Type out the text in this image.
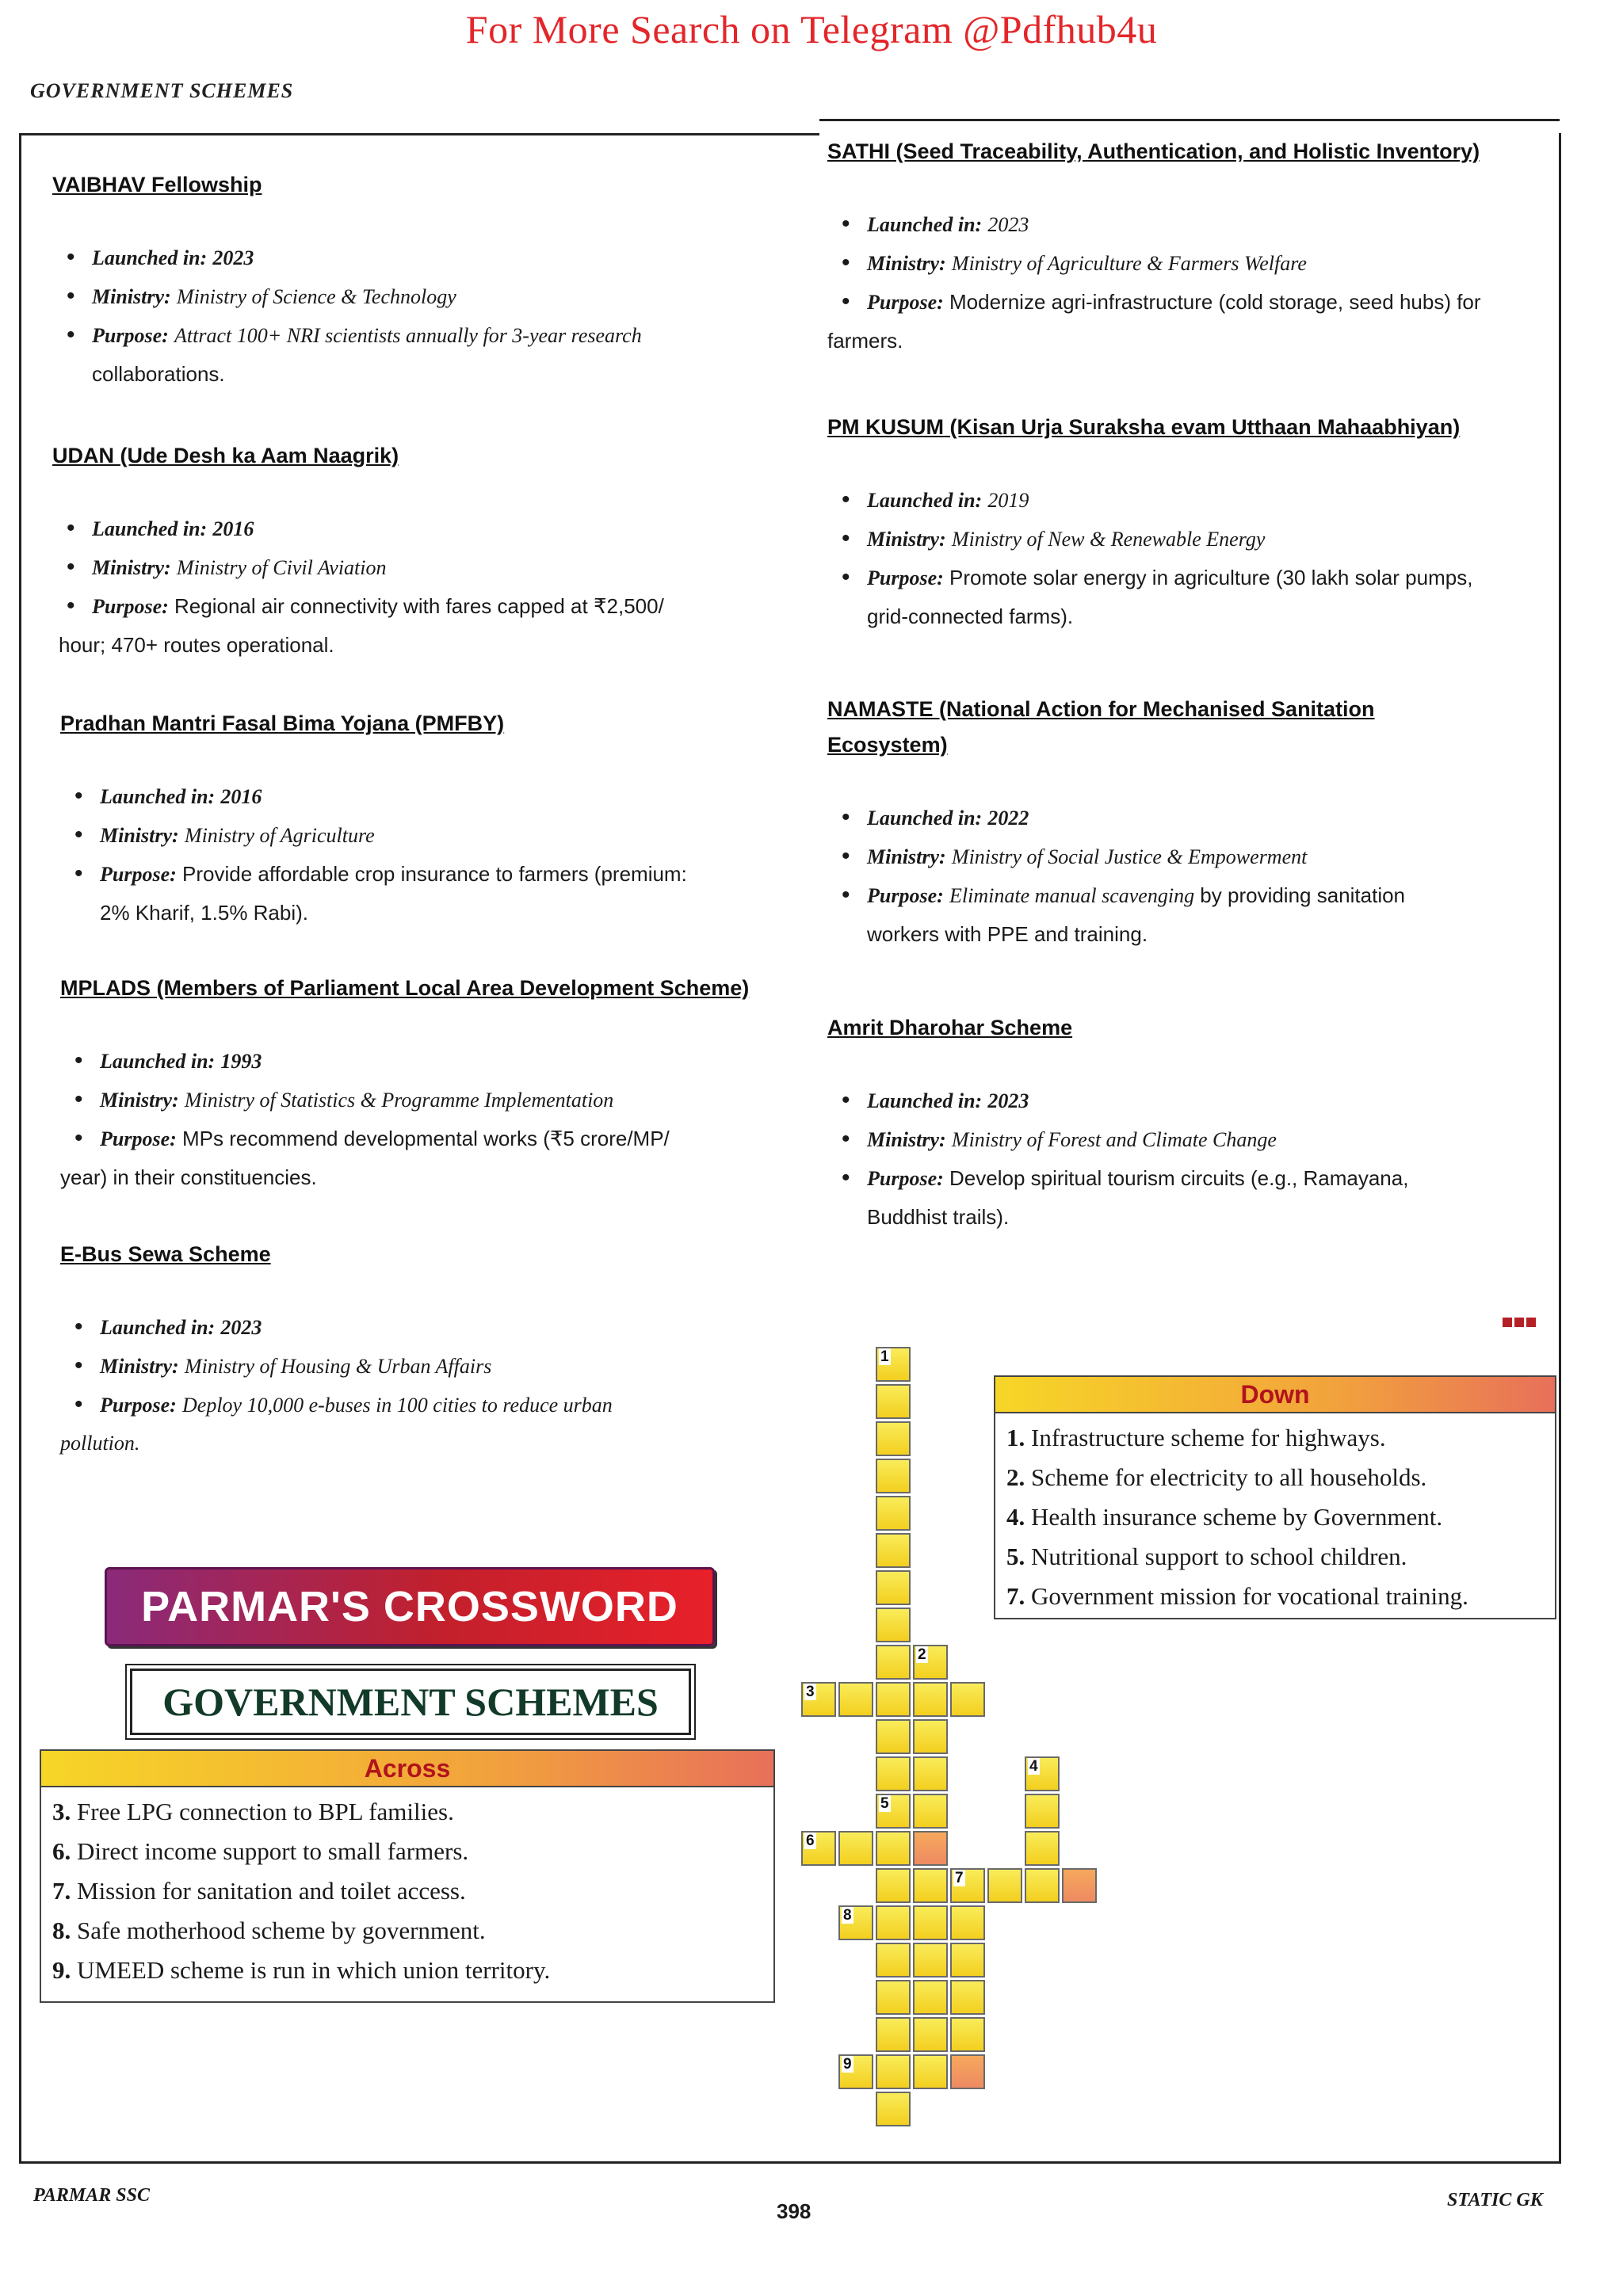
For More Search on Telegram @Pdfhub4u
GOVERNMENT SCHEMES
VAIBHAV Fellowship
• Launched in: 2023
• Ministry: Ministry of Science & Technology
• Purpose: Attract 100+ NRI scientists annually for 3-year research
collaborations.
UDAN (Ude Desh ka Aam Naagrik)
• Launched in: 2016
• Ministry: Ministry of Civil Aviation
• Purpose: Regional air connectivity with fares capped at ₹2,500/
hour; 470+ routes operational.
Pradhan Mantri Fasal Bima Yojana (PMFBY)
• Launched in: 2016
• Ministry: Ministry of Agriculture
• Purpose: Provide affordable crop insurance to farmers (premium:
2% Kharif, 1.5% Rabi).
MPLADS (Members of Parliament Local Area Development Scheme)
• Launched in: 1993
• Ministry: Ministry of Statistics & Programme Implementation
• Purpose: MPs recommend developmental works (₹5 crore/MP/
year) in their constituencies.
E-Bus Sewa Scheme
• Launched in: 2023
• Ministry: Ministry of Housing & Urban Affairs
• Purpose: Deploy 10,000 e-buses in 100 cities to reduce urban
pollution.
SATHI (Seed Traceability, Authentication, and Holistic Inventory)
• Launched in: 2023
• Ministry: Ministry of Agriculture & Farmers Welfare
• Purpose: Modernize agri-infrastructure (cold storage, seed hubs) for
farmers.
PM KUSUM (Kisan Urja Suraksha evam Utthaan Mahaabhiyan)
• Launched in: 2019
• Ministry: Ministry of New & Renewable Energy
• Purpose: Promote solar energy in agriculture (30 lakh solar pumps,
grid-connected farms).
NAMASTE (National Action for Mechanised Sanitation
Ecosystem)
• Launched in: 2022
• Ministry: Ministry of Social Justice & Empowerment
• Purpose: Eliminate manual scavenging by providing sanitation
workers with PPE and training.
Amrit Dharohar Scheme
• Launched in: 2023
• Ministry: Ministry of Forest and Climate Change
• Purpose: Develop spiritual tourism circuits (e.g., Ramayana,
Buddhist trails).
PARMAR'S CROSSWORD
GOVERNMENT SCHEMES
Across
3. Free LPG connection to BPL families.
6. Direct income support to small farmers.
7. Mission for sanitation and toilet access.
8. Safe motherhood scheme by government.
9. UMEED scheme is run in which union territory.
Down
1. Infrastructure scheme for highways.
2. Scheme for electricity to all households.
4. Health insurance scheme by Government.
5. Nutritional support to school children.
7. Government mission for vocational training.
1
5
2
3
4
6
7
8
9
PARMAR SSC
398	STATIC GK
